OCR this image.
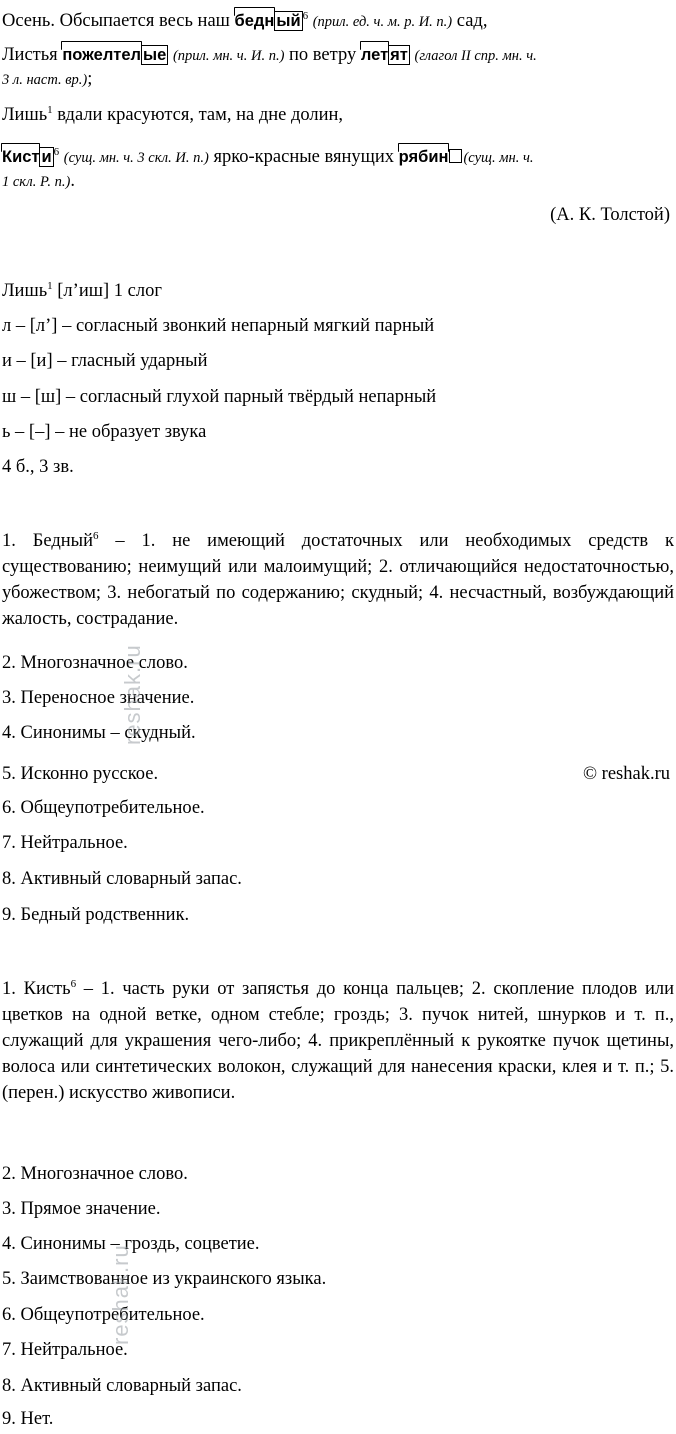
Осень. Обсыпается весь наш бедн ый $^6$ (прил. ед. ч. м. р. И. п.) сад,
Листья пожелтел ые (прил. мн. ч. И. п.) по ветру лет ят (глагол II спр. мн. ч.
3 л. наст. вр.);
Лишь$^1$ вдали красуются, там, на дне долин,
Кист и $^6$ (сущ. мн. ч. 3 скл. И. п.) ярко-красные вянущих рябин (сущ. мн. ч.
1 скл. Р. п.).
(А. К. Толстой)
Лишь$^1$ [л’иш] 1 слог
л – [л’] – согласный звонкий непарный мягкий парный
и – [и] – гласный ударный
ш – [ш] – согласный глухой парный твёрдый непарный
ь – [–] – не образует звука
4 б., 3 зв.
1. Бедный$^6$ – 1. не имеющий достаточных или необходимых средств к существованию; неимущий или малоимущий; 2. отличающийся недостаточностью, убожеством; 3. небогатый по содержанию; скудный; 4. несчастный, возбуждающий жалость, сострадание.
2. Многозначное слово.
3. Переносное значение.
4. Синонимы – скудный.
5. Исконно русское.	© reshak.ru
6. Общеупотребительное.
7. Нейтральное.
8. Активный словарный запас.
9. Бедный родственник.
1. Кисть$^6$ – 1. часть руки от запястья до конца пальцев; 2. скопление плодов или цветков на одной ветке, одном стебле; гроздь; 3. пучок нитей, шнурков и т. п., служащий для украшения чего-либо; 4. прикреплённый к рукоятке пучок щетины, волоса или синтетических волокон, служащий для нанесения краски, клея и т. п.; 5. (перен.) искусство живописи.
2. Многозначное слово.
3. Прямое значение.
4. Синонимы – гроздь, соцветие.
5. Заимствованное из украинского языка.
6. Общеупотребительное.
7. Нейтральное.
8. Активный словарный запас.
9. Нет.
reshak.ru
reshak.ru
